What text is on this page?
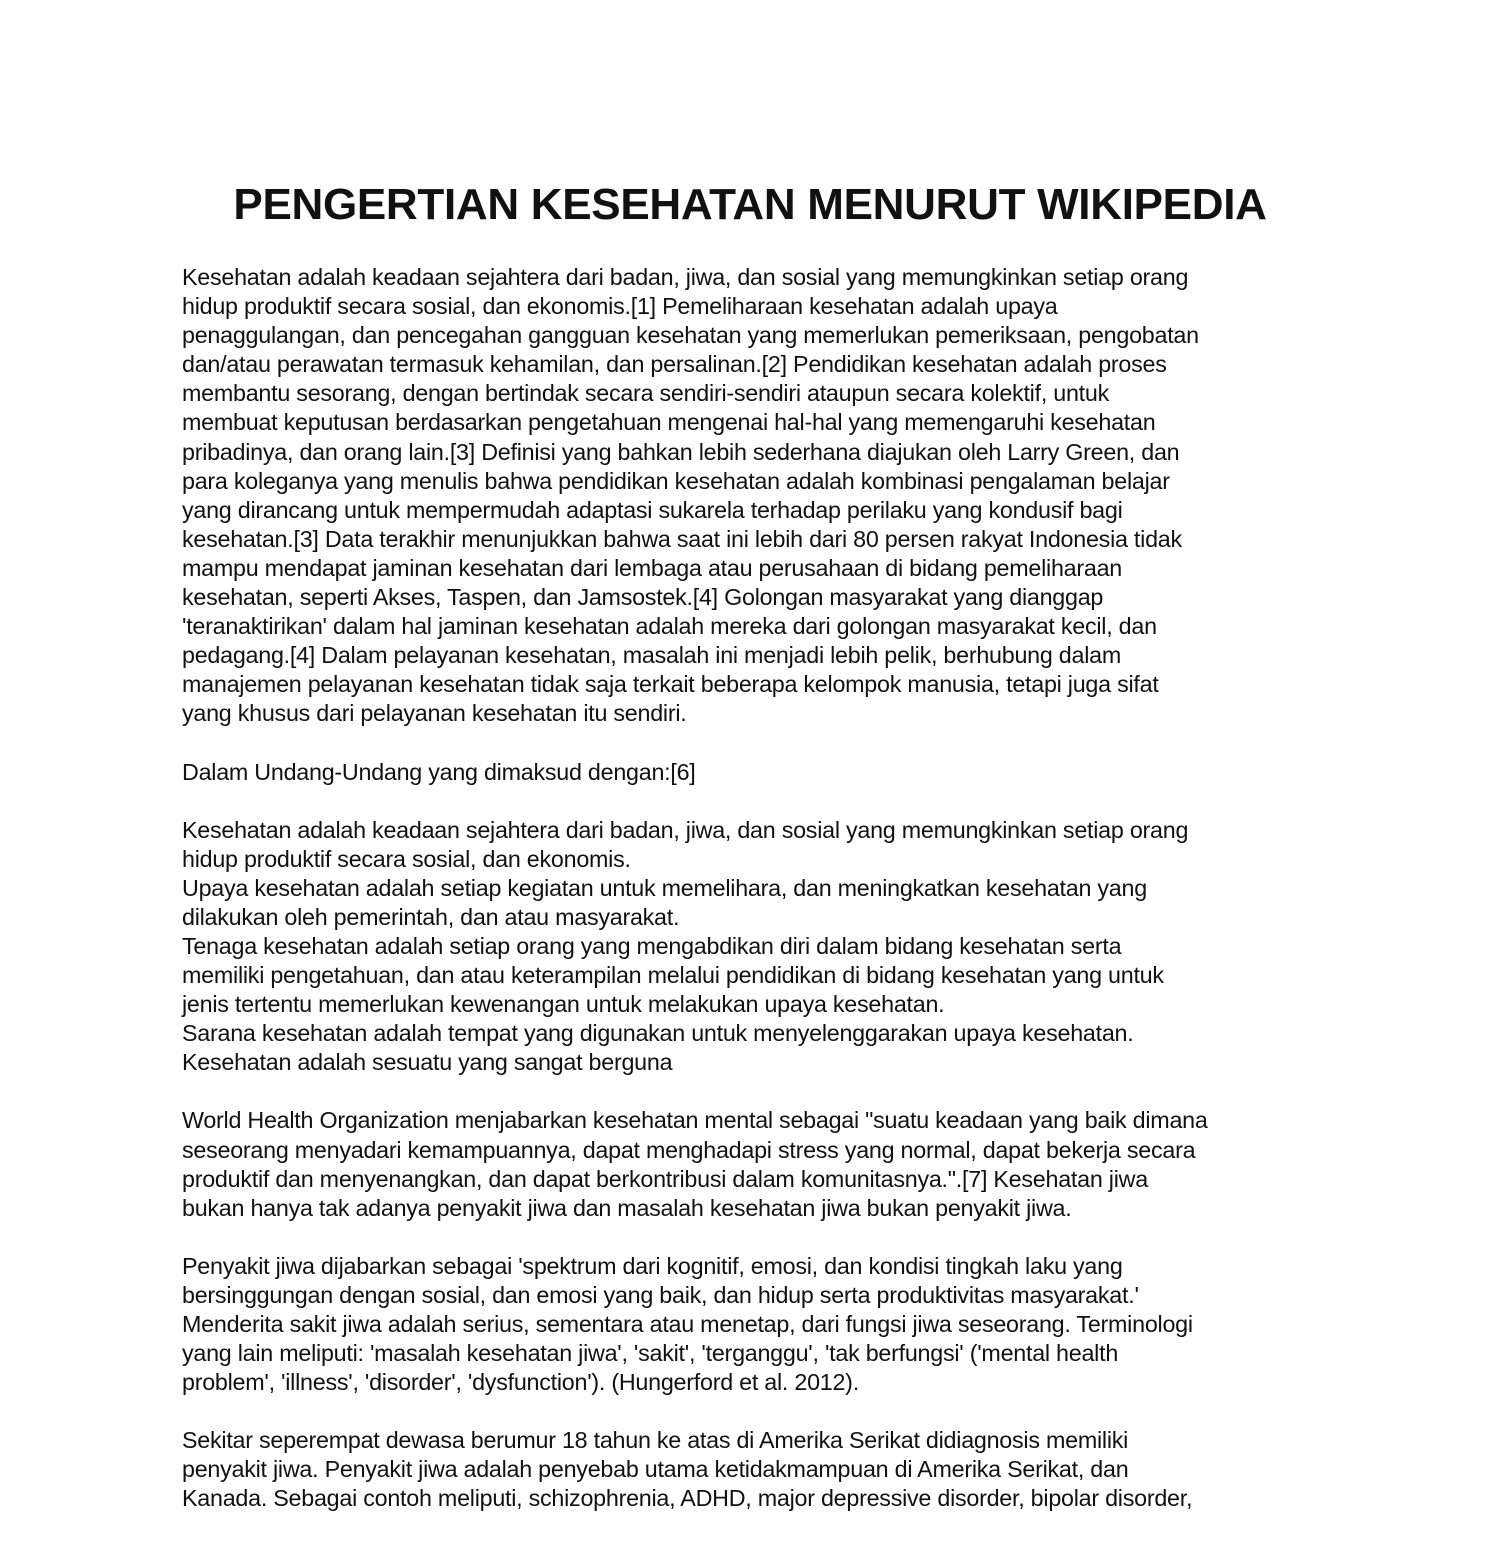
PENGERTIAN KESEHATAN MENURUT WIKIPEDIA

Kesehatan adalah keadaan sejahtera dari badan, jiwa, dan sosial yang memungkinkan setiap orang
hidup produktif secara sosial, dan ekonomis.[1] Pemeliharaan kesehatan adalah upaya
penaggulangan, dan pencegahan gangguan kesehatan yang memerlukan pemeriksaan, pengobatan
dan/atau perawatan termasuk kehamilan, dan persalinan.[2] Pendidikan kesehatan adalah proses
membantu sesorang, dengan bertindak secara sendiri-sendiri ataupun secara kolektif, untuk
membuat keputusan berdasarkan pengetahuan mengenai hal-hal yang memengaruhi kesehatan
pribadinya, dan orang lain.[3] Definisi yang bahkan lebih sederhana diajukan oleh Larry Green, dan
para koleganya yang menulis bahwa pendidikan kesehatan adalah kombinasi pengalaman belajar
yang dirancang untuk mempermudah adaptasi sukarela terhadap perilaku yang kondusif bagi
kesehatan.[3] Data terakhir menunjukkan bahwa saat ini lebih dari 80 persen rakyat Indonesia tidak
mampu mendapat jaminan kesehatan dari lembaga atau perusahaan di bidang pemeliharaan
kesehatan, seperti Akses, Taspen, dan Jamsostek.[4] Golongan masyarakat yang dianggap
'teranaktirikan' dalam hal jaminan kesehatan adalah mereka dari golongan masyarakat kecil, dan
pedagang.[4] Dalam pelayanan kesehatan, masalah ini menjadi lebih pelik, berhubung dalam
manajemen pelayanan kesehatan tidak saja terkait beberapa kelompok manusia, tetapi juga sifat
yang khusus dari pelayanan kesehatan itu sendiri.

Dalam Undang-Undang yang dimaksud dengan:[6]

Kesehatan adalah keadaan sejahtera dari badan, jiwa, dan sosial yang memungkinkan setiap orang
hidup produktif secara sosial, dan ekonomis.
Upaya kesehatan adalah setiap kegiatan untuk memelihara, dan meningkatkan kesehatan yang
dilakukan oleh pemerintah, dan atau masyarakat.
Tenaga kesehatan adalah setiap orang yang mengabdikan diri dalam bidang kesehatan serta
memiliki pengetahuan, dan atau keterampilan melalui pendidikan di bidang kesehatan yang untuk
jenis tertentu memerlukan kewenangan untuk melakukan upaya kesehatan.
Sarana kesehatan adalah tempat yang digunakan untuk menyelenggarakan upaya kesehatan.
Kesehatan adalah sesuatu yang sangat berguna

World Health Organization menjabarkan kesehatan mental sebagai "suatu keadaan yang baik dimana
seseorang menyadari kemampuannya, dapat menghadapi stress yang normal, dapat bekerja secara
produktif dan menyenangkan, dan dapat berkontribusi dalam komunitasnya.".[7] Kesehatan jiwa
bukan hanya tak adanya penyakit jiwa dan masalah kesehatan jiwa bukan penyakit jiwa.

Penyakit jiwa dijabarkan sebagai 'spektrum dari kognitif, emosi, dan kondisi tingkah laku yang
bersinggungan dengan sosial, dan emosi yang baik, dan hidup serta produktivitas masyarakat.'
Menderita sakit jiwa adalah serius, sementara atau menetap, dari fungsi jiwa seseorang. Terminologi
yang lain meliputi: 'masalah kesehatan jiwa', 'sakit', 'terganggu', 'tak berfungsi' ('mental health
problem', 'illness', 'disorder', 'dysfunction'). (Hungerford et al. 2012).

Sekitar seperempat dewasa berumur 18 tahun ke atas di Amerika Serikat didiagnosis memiliki
penyakit jiwa. Penyakit jiwa adalah penyebab utama ketidakmampuan di Amerika Serikat, dan
Kanada. Sebagai contoh meliputi, schizophrenia, ADHD, major depressive disorder, bipolar disorder,
